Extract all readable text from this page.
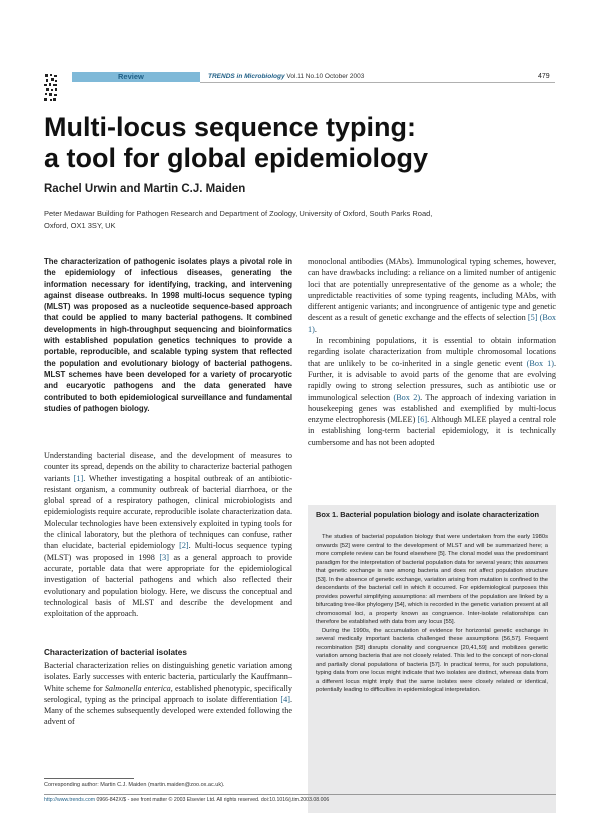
Review	TRENDS in Microbiology Vol.11 No.10 October 2003	479
Multi-locus sequence typing:
a tool for global epidemiology
Rachel Urwin and Martin C.J. Maiden
Peter Medawar Building for Pathogen Research and Department of Zoology, University of Oxford, South Parks Road,
Oxford, OX1 3SY, UK

The characterization of pathogenic isolates plays a pivotal role in the epidemiology of infectious diseases, generating the information necessary for identifying, tracking, and intervening against disease outbreaks. In 1998 multi-locus sequence typing (MLST) was proposed as a nucleotide sequence-based approach that could be applied to many bacterial pathogens. It combined developments in high-throughput sequencing and bioinformatics with established population genetics techniques to provide a portable, reproducible, and scalable typing system that reflected the population and evolutionary biology of bacterial pathogens. MLST schemes have been developed for a variety of procaryotic and eucaryotic pathogens and the data generated have contributed to both epidemiological surveillance and fundamental studies of pathogen biology.

Understanding bacterial disease, and the development of measures to counter its spread, depends on the ability to characterize bacterial pathogen variants [1]. Whether investigating a hospital outbreak of an antibiotic-resistant organism, a community outbreak of bacterial diarrhoea, or the global spread of a respiratory pathogen, clinical microbiologists and epidemiologists require accurate, reproducible isolate characterization data. Molecular technologies have been extensively exploited in typing tools for the clinical laboratory, but the plethora of techniques can confuse, rather than elucidate, bacterial epidemiology [2]. Multi-locus sequence typing (MLST) was proposed in 1998 [3] as a general approach to provide accurate, portable data that were appropriate for the epidemiological investigation of bacterial pathogens and which also reflected their evolutionary and population biology. Here, we discuss the conceptual and technological basis of MLST and describe the development and exploitation of the approach.

Characterization of bacterial isolates

Bacterial characterization relies on distinguishing genetic variation among isolates. Early successes with enteric bacteria, particularly the Kauffmann–White scheme for Salmonella enterica, established phenotypic, specifically serological, typing as the principal approach to isolate differentiation [4]. Many of the schemes subsequently developed were extended following the advent of

monoclonal antibodies (MAbs). Immunological typing schemes, however, can have drawbacks including: a reliance on a limited number of antigenic loci that are potentially unrepresentative of the genome as a whole; the unpredictable reactivities of some typing reagents, including MAbs, with different antigenic variants; and incongruence of antigenic type and genetic descent as a result of genetic exchange and the effects of selection [5] (Box 1).

In recombining populations, it is essential to obtain information regarding isolate characterization from multiple chromosomal locations that are unlikely to be co-inherited in a single genetic event (Box 1). Further, it is advisable to avoid parts of the genome that are evolving rapidly owing to strong selection pressures, such as antibiotic use or immunological selection (Box 2). The approach of indexing variation in housekeeping genes was established and exemplified by multi-locus enzyme electrophoresis (MLEE) [6]. Although MLEE played a central role in establishing long-term bacterial epidemiology, it is technically cumbersome and has not been adopted

Box 1. Bacterial population biology and isolate characterization

The studies of bacterial population biology that were undertaken from the early 1980s onwards [52] were central to the development of MLST and will be summarized here; a more complete review can be found elsewhere [5]. The clonal model was the predominant paradigm for the interpretation of bacterial population data for several years; this assumes that genetic exchange is rare among bacteria and does not affect population structure [53]. In the absence of genetic exchange, variation arising from mutation is confined to the descendants of the bacterial cell in which it occurred. For epidemiological purposes this provides powerful simplifying assumptions: all members of the population are linked by a bifurcating tree-like phylogeny [54], which is recorded in the genetic variation present at all chromosomal loci, a property known as congruence. Inter-isolate relationships can therefore be established with data from any locus [55].

During the 1990s, the accumulation of evidence for horizontal genetic exchange in several medically important bacteria challenged these assumptions [56,57]. Frequent recombination [58] disrupts clonality and congruence [20,41,59] and mobilizes genetic variation among bacteria that are not closely related. This led to the concept of non-clonal and partially clonal populations of bacteria [57]. In practical terms, for such populations, typing data from one locus might indicate that two isolates are distinct, whereas data from a different locus might imply that the same isolates were closely related or identical, potentially leading to difficulties in epidemiological interpretation.

Corresponding author: Martin C.J. Maiden (martin.maiden@zoo.ox.ac.uk).
http://www.trends.com 0966-842X/$ - see front matter © 2003 Elsevier Ltd. All rights reserved. doi:10.1016/j.tim.2003.08.006
